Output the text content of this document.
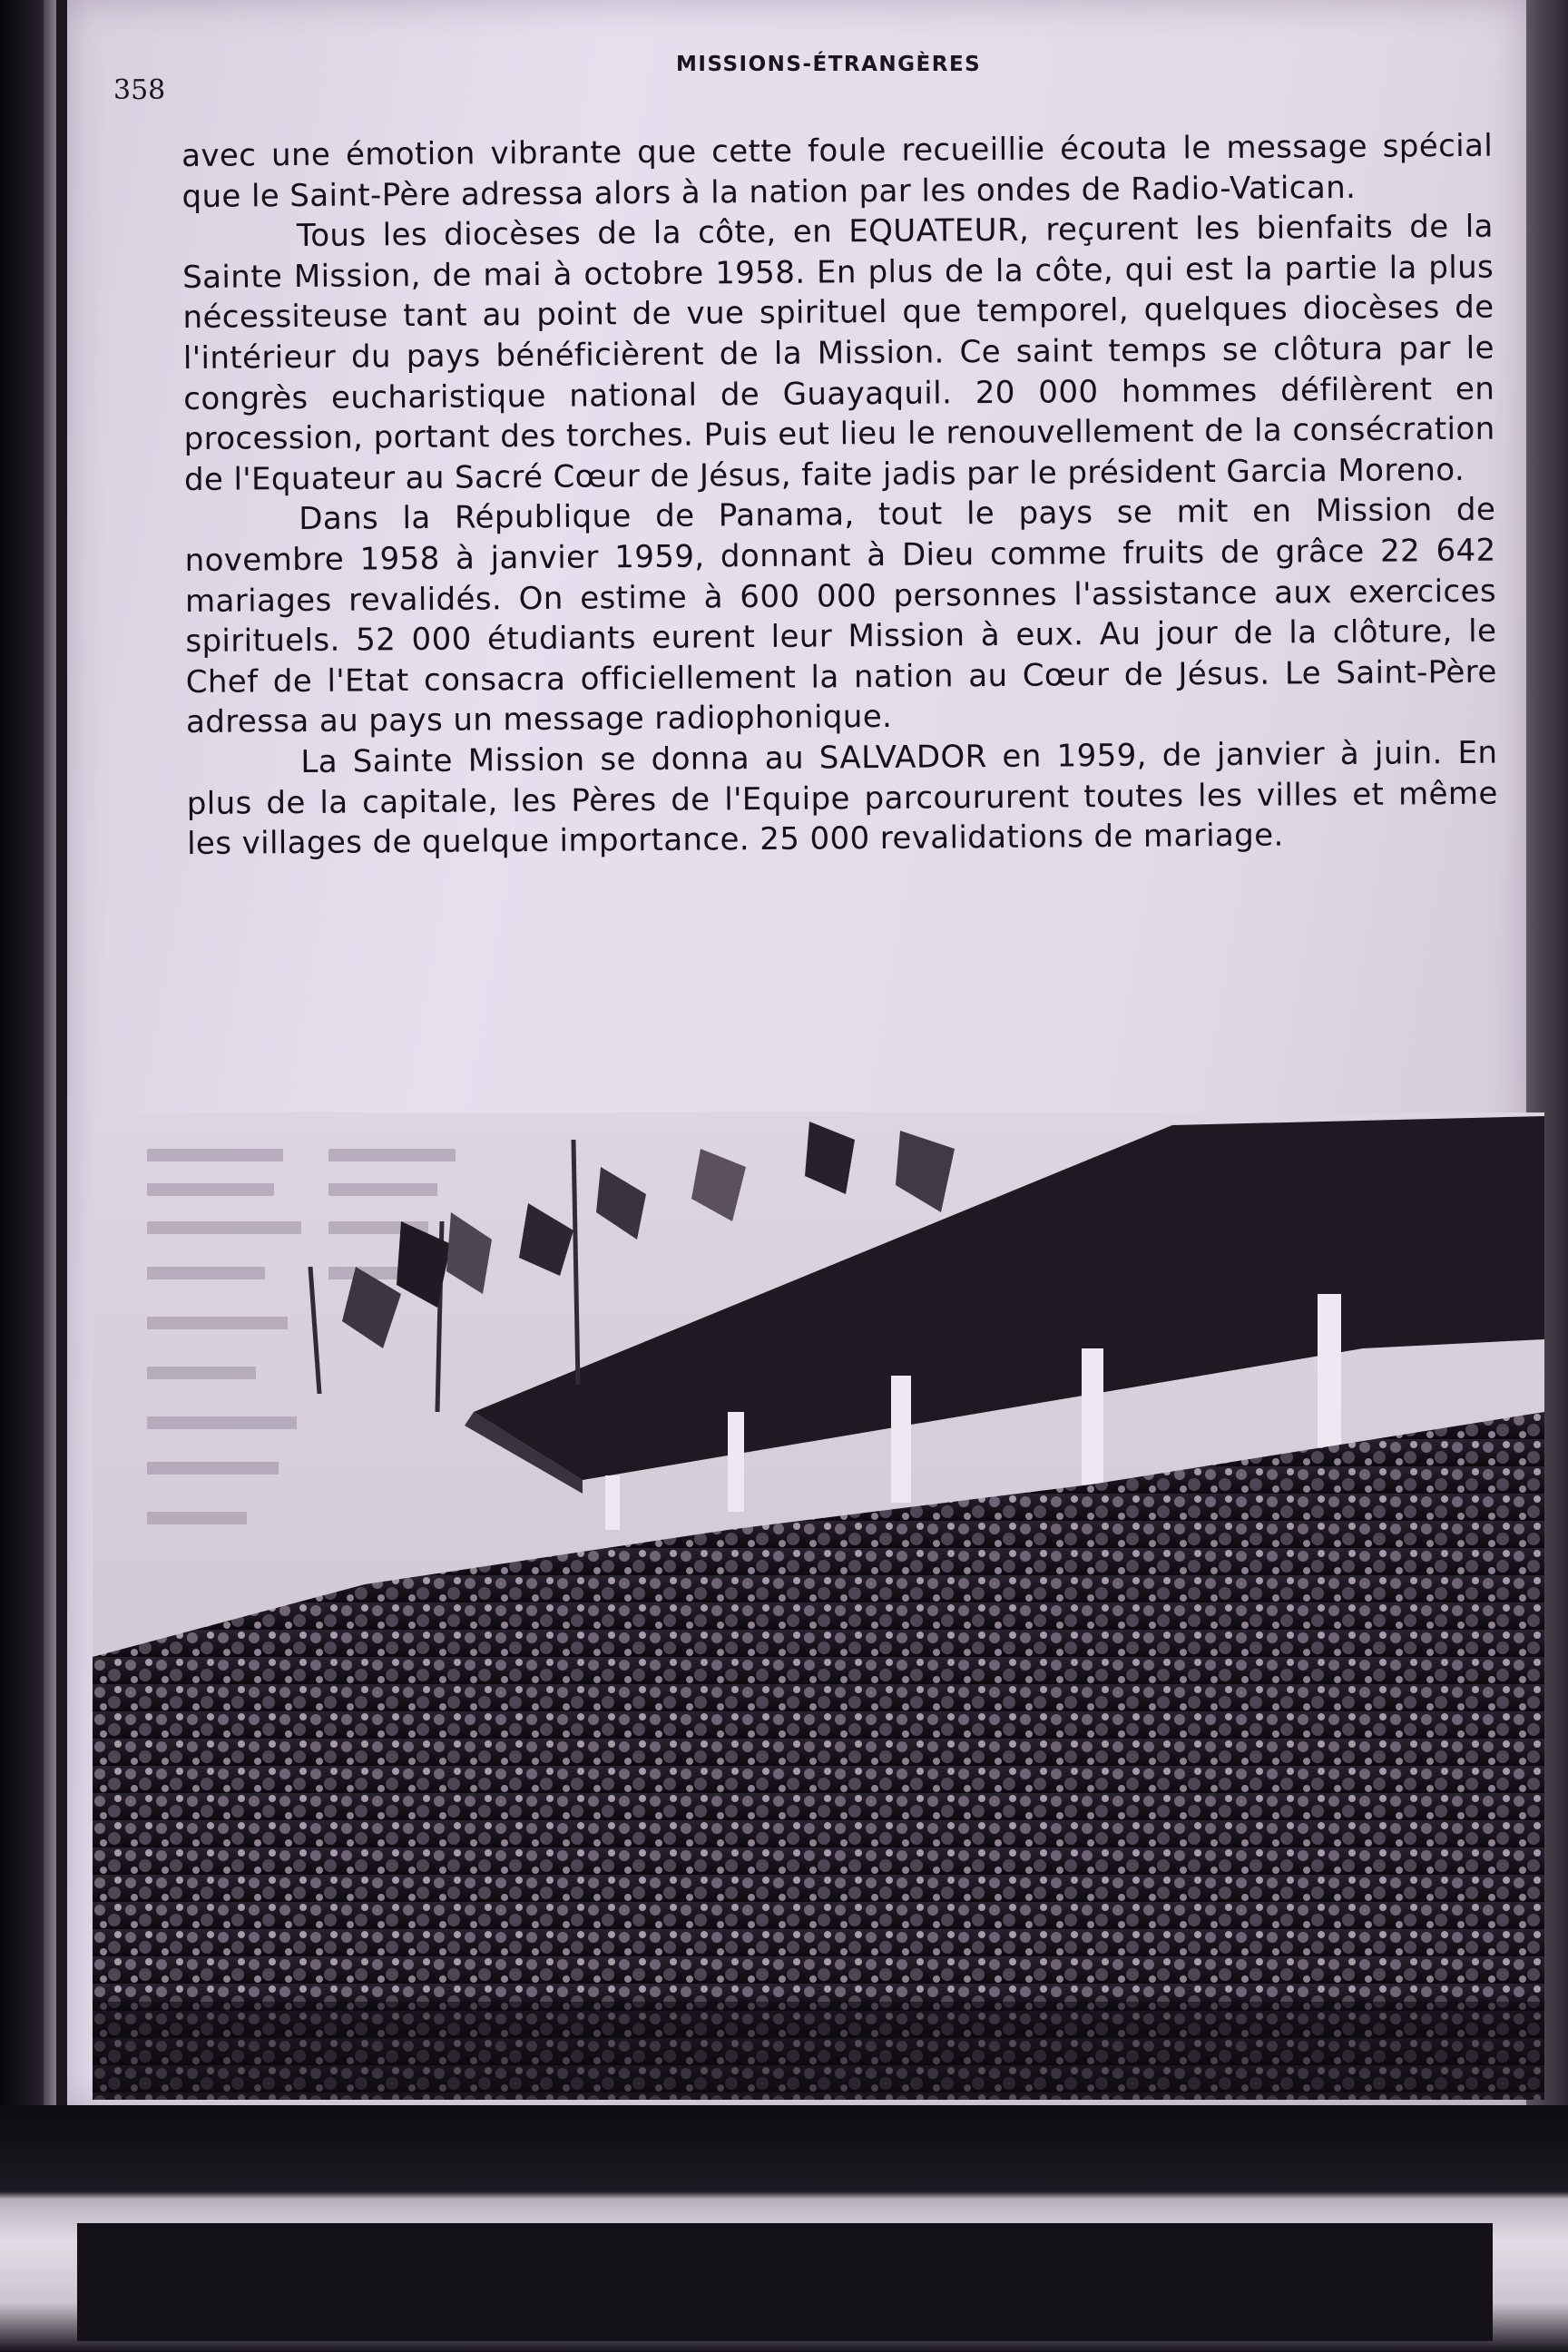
358
MISSIONS-ÉTRANGÈRES

avec une émotion vibrante que cette foule recueillie écouta le message spécial que le Saint-Père adressa alors à la nation par les ondes de Radio-Vatican.

Tous les diocèses de la côte, en EQUATEUR, reçurent les bienfaits de la Sainte Mission, de mai à octobre 1958. En plus de la côte, qui est la partie la plus nécessiteuse tant au point de vue spirituel que temporel, quelques diocèses de l'intérieur du pays bénéficièrent de la Mission. Ce saint temps se clôtura par le congrès eucharistique national de Guayaquil. 20 000 hommes défilèrent en procession, portant des torches. Puis eut lieu le renouvellement de la consécration de l'Equateur au Sacré Cœur de Jésus, faite jadis par le président Garcia Moreno.

Dans la République de Panama, tout le pays se mit en Mission de novembre 1958 à janvier 1959, donnant à Dieu comme fruits de grâce 22 642 mariages revalidés. On estime à 600 000 personnes l'assistance aux exercices spirituels. 52 000 étudiants eurent leur Mission à eux. Au jour de la clôture, le Chef de l'Etat consacra officiellement la nation au Cœur de Jésus. Le Saint-Père adressa au pays un message radiophonique.

La Sainte Mission se donna au SALVADOR en 1959, de janvier à juin. En plus de la capitale, les Pères de l'Equipe parcoururent toutes les villes et même les villages de quelque importance. 25 000 revalidations de mariage.
